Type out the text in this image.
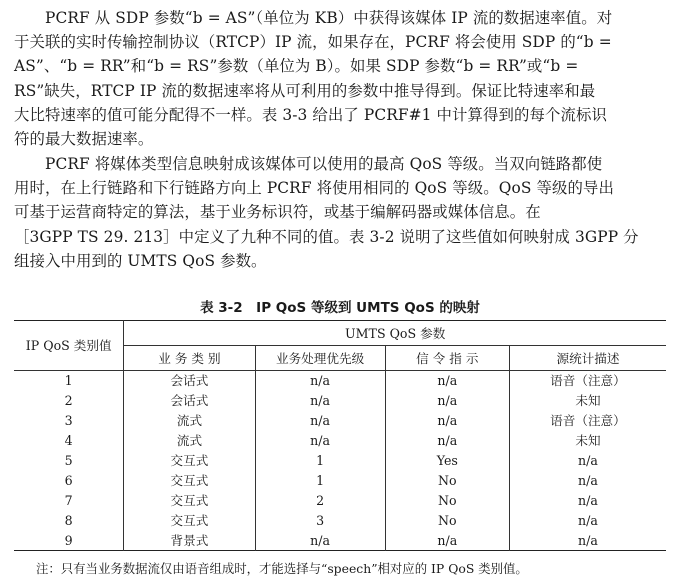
PCRF 从 SDP 参数“b = AS”（单位为 KB）中获得该媒体 IP 流的数据速率值。对
于关联的实时传输控制协议（RTCP）IP 流，如果存在，PCRF 将会使用 SDP 的“b =
AS”、“b = RR”和“b = RS”参数（单位为 B）。如果 SDP 参数“b = RR”或“b =
RS”缺失，RTCP IP 流的数据速率将从可利用的参数中推导得到。保证比特速率和最
大比特速率的值可能分配得不一样。表 3-3 给出了 PCRF#1 中计算得到的每个流标识
符的最大数据速率。
PCRF 将媒体类型信息映射成该媒体可以使用的最高 QoS 等级。当双向链路都使
用时，在上行链路和下行链路方向上 PCRF 将使用相同的 QoS 等级。QoS 等级的导出
可基于运营商特定的算法，基于业务标识符，或基于编解码器或媒体信息。在
［3GPP TS 29. 213］中定义了九种不同的值。表 3-2 说明了这些值如何映射成 3GPP 分
组接入中用到的 UMTS QoS 参数。
表 3-2　IP QoS 等级到 UMTS QoS 的映射
IP QoS 类别值	UMTS QoS 参数			
	业 务 类 别	业务处理优先级	信 令 指 示	源统计描述
1	会话式	n/a	n/a	语音（注意）
2	会话式	n/a	n/a	未知
3	流式	n/a	n/a	语音（注意）
4	流式	n/a	n/a	未知
5	交互式	1	Yes	n/a
6	交互式	1	No	n/a
7	交互式	2	No	n/a
8	交互式	3	No	n/a
9	背景式	n/a	n/a	n/a
注：只有当业务数据流仅由语音组成时，才能选择与“speech”相对应的 IP QoS 类别值。
